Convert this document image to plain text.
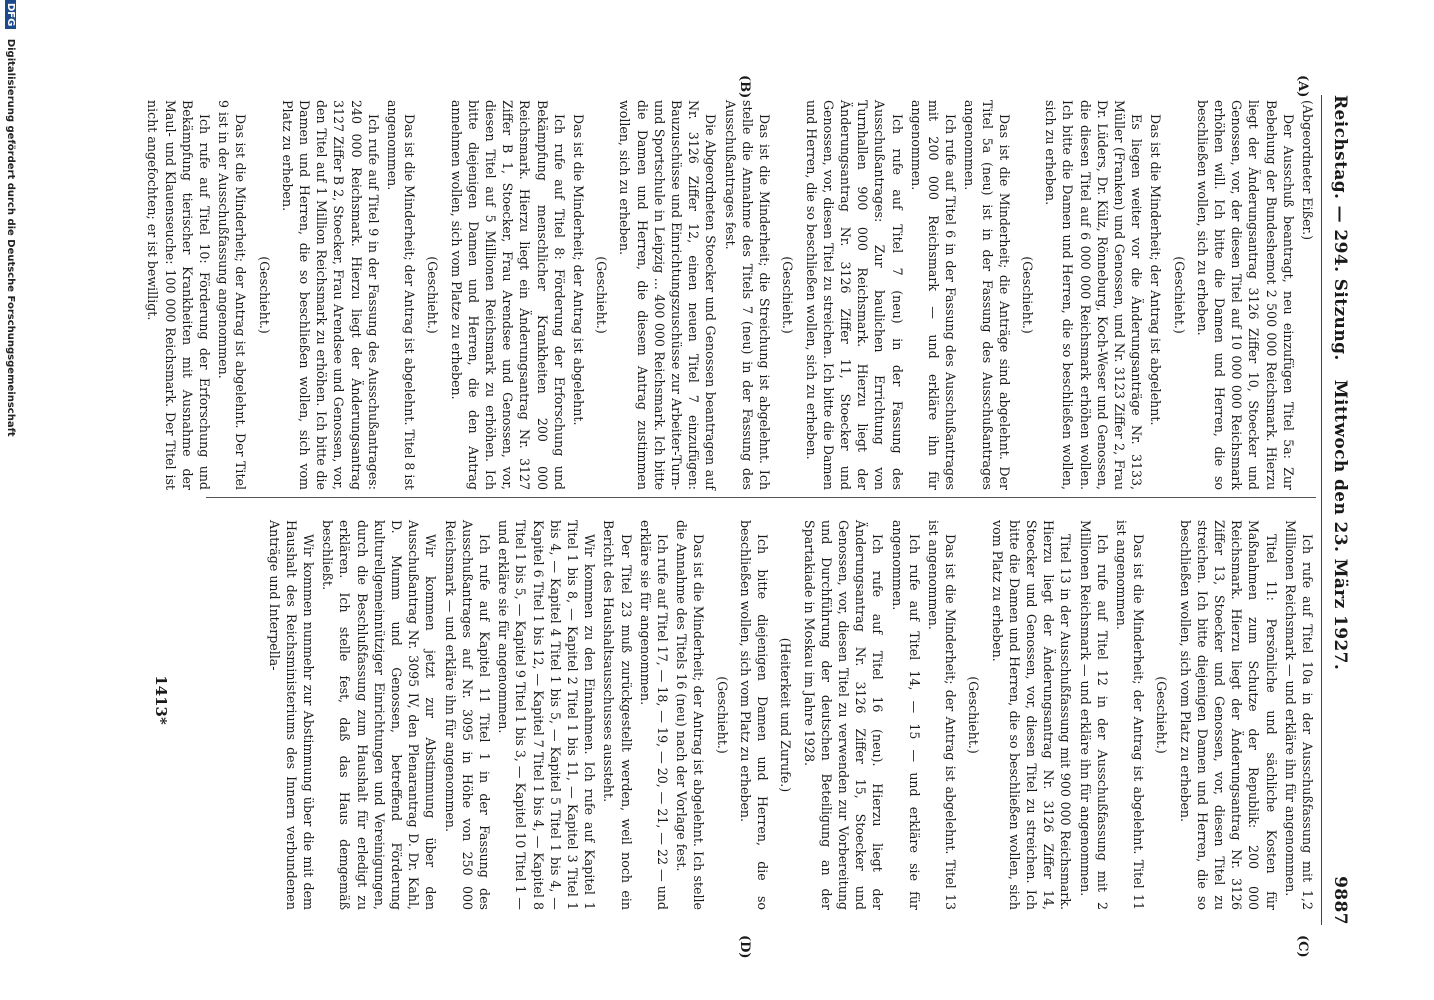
Reichstag. — 294. Sitzung.
Mittwoch den 23. März 1927.
9887
(A)
(B)
(C)
(D)

(Abgeordneter Eißer.)

Der Ausschuß beantragt, neu einzufügen Titel 5a: Zur Bebehung der Bundeshemot 2 500 000 Reichsmark. Hierzu liegt der Änderungsantrag 3126 Ziffer 10, Stoecker und Genossen, vor, der diesen Titel auf 10 000 000 Reichsmark erhöhen will. Ich bitte die Damen und Herren, die so beschließen wollen, sich zu erheben.

(Geschieht.)

Das ist die Minderheit; der Antrag ist abgelehnt.

Es liegen weiter vor die Änderungsanträge Nr. 3133, Müller (Franken) und Genossen, und Nr. 3123 Ziffer 2, Frau Dr. Lüders, Dr. Külz, Rönneburg, Koch-Weser und Genossen, die diesen Titel auf 6 000 000 Reichsmark erhöhen wollen. Ich bitte die Damen und Herren, die so beschließen wollen, sich zu erheben.

(Geschieht.)

Das ist die Minderheit; die Anträge sind abgelehnt. Der Titel 5a (neu) ist in der Fassung des Ausschußantrages angenommen.

Ich rufe auf Titel 6 in der Fassung des Ausschußantrages mit 200 000 Reichsmark — und erkläre ihn für angenommen.

Ich rufe auf Titel 7 (neu) in der Fassung des Ausschußantrages: Zur baulichen Errichtung von Turnhallen 900 000 Reichsmark. Hierzu liegt der Änderungsantrag Nr. 3126 Ziffer 11, Stoecker und Genossen, vor, diesen Titel zu streichen. Ich bitte die Damen und Herren, die so beschließen wollen, sich zu erheben.

(Geschieht.)

Das ist die Minderheit; die Streichung ist abgelehnt. Ich stelle die Annahme des Titels 7 (neu) in der Fassung des Ausschußantrages fest.

Die Abgeordneten Stoecker und Genossen beantragen auf Nr. 3126 Ziffer 12, einen neuen Titel 7 einzufügen: Bauzuschüsse und Einrichtungszuschüsse zur Arbeiter-Turn- und Sportschule in Leipzig ... 400 000 Reichsmark. Ich bitte die Damen und Herren, die diesem Antrag zustimmen wollen, sich zu erheben.

(Geschieht.)

Das ist die Minderheit; der Antrag ist abgelehnt.

Ich rufe auf Titel 8: Förderung der Erforschung und Bekämpfung menschlicher Krankheiten 200 000 Reichsmark. Hierzu liegt ein Änderungsantrag Nr. 3127 Ziffer B 1, Stoecker, Frau Arendsee und Genossen, vor, diesen Titel auf 5 Millionen Reichsmark zu erhöhen. Ich bitte diejenigen Damen und Herren, die den Antrag annehmen wollen, sich vom Platze zu erheben.

(Geschieht.)

Das ist die Minderheit; der Antrag ist abgelehnt. Titel 8 ist angenommen.

Ich rufe auf Titel 9 in der Fassung des Ausschußantrages: 240 000 Reichsmark. Hierzu liegt der Änderungsantrag 3127 Ziffer B 2, Stoecker, Frau Arendsee und Genossen, vor, den Titel auf 1 Million Reichsmark zu erhöhen. Ich bitte die Damen und Herren, die so beschließen wollen, sich vom Platz zu erheben.

(Geschieht.)

Das ist die Minderheit; der Antrag ist abgelehnt. Der Titel 9 ist in der Ausschußfassung angenommen.

Ich rufe auf Titel 10: Förderung der Erforschung und Bekämpfung tierischer Krankheiten mit Ausnahme der Maul- und Klauenseuche: 100 000 Reichsmark. Der Titel ist nicht angefochten; er ist bewilligt.

Ich rufe auf Titel 10a in der Ausschußfassung mit 1,2 Millionen Reichsmark — und erkläre ihn für angenommen.

Titel 11: Persönliche und sächliche Kosten für Maßnahmen zum Schutze der Republik: 200 000 Reichsmark. Hierzu liegt der Änderungsantrag Nr. 3126 Ziffer 13, Stoecker und Genossen, vor, diesen Titel zu streichen. Ich bitte diejenigen Damen und Herren, die so beschließen wollen, sich vom Platz zu erheben.

(Geschieht.)

Das ist die Minderheit; der Antrag ist abgelehnt. Titel 11 ist angenommen.

Ich rufe auf Titel 12 in der Ausschußfassung mit 2 Millionen Reichsmark — und erkläre ihn für angenommen.

Titel 13 in der Ausschußfassung mit 900 000 Reichsmark. Hierzu liegt der Änderungsantrag Nr. 3126 Ziffer 14, Stoecker und Genossen, vor, diesen Titel zu streichen. Ich bitte die Damen und Herren, die so beschließen wollen, sich vom Platz zu erheben.

(Geschieht.)

Das ist die Minderheit; der Antrag ist abgelehnt. Titel 13 ist angenommen.

Ich rufe auf Titel 14, — 15 — und erkläre sie für angenommen.

Ich rufe auf Titel 16 (neu). Hierzu liegt der Änderungsantrag Nr. 3126 Ziffer 15, Stoecker und Genossen, vor, diesen Titel zu verwenden zur Vorbereitung und Durchführung der deutschen Beteiligung an der Spartakiade in Moskau im Jahre 1928.

(Heiterkeit und Zurufe.)

Ich bitte diejenigen Damen und Herren, die so beschließen wollen, sich vom Platz zu erheben.

(Geschieht.)

Das ist die Minderheit; der Antrag ist abgelehnt. Ich stelle die Annahme des Titels 16 (neu) nach der Vorlage fest.

Ich rufe auf Titel 17, — 18, — 19, — 20, — 21, — 22 — und erkläre sie für angenommen.

Der Titel 23 muß zurückgestellt werden, weil noch ein Bericht des Haushaltsausschusses aussteht.

Wir kommen zu den Einnahmen. Ich rufe auf Kapitel 1 Titel 1 bis 8, — Kapitel 2 Titel 1 bis 11, — Kapitel 3 Titel 1 bis 4, — Kapitel 4 Titel 1 bis 5, — Kapitel 5 Titel 1 bis 4, — Kapitel 6 Titel 1 bis 12, — Kapitel 7 Titel 1 bis 4, — Kapitel 8 Titel 1 bis 5, — Kapitel 9 Titel 1 bis 3, — Kapitel 10 Titel 1 — und erkläre sie für angenommen.

Ich rufe auf Kapitel 11 Titel 1 in der Fassung des Ausschußantrages auf Nr. 3095 in Höhe von 250 000 Reichsmark — und erkläre ihn für angenommen.

Wir kommen jetzt zur Abstimmung über den Ausschußantrag Nr. 3095 IV, den Plenarantrag D. Dr. Kahl, D. Mumm und Genossen, betreffend Förderung kulturellgemeinnütziger Einrichtungen und Vereinigungen, durch die Beschlußfassung zum Haushalt für erledigt zu erklären. Ich stelle fest, daß das Haus demgemäß beschließt.

Wir kommen nunmehr zur Abstimmung über die mit dem Haushalt des Reichsministeriums des Innern verbundenen Anträge und Interpella-

1413*
DFG Digitalisierung gefördert durch die Deutsche Forschungsgemeinschaft
